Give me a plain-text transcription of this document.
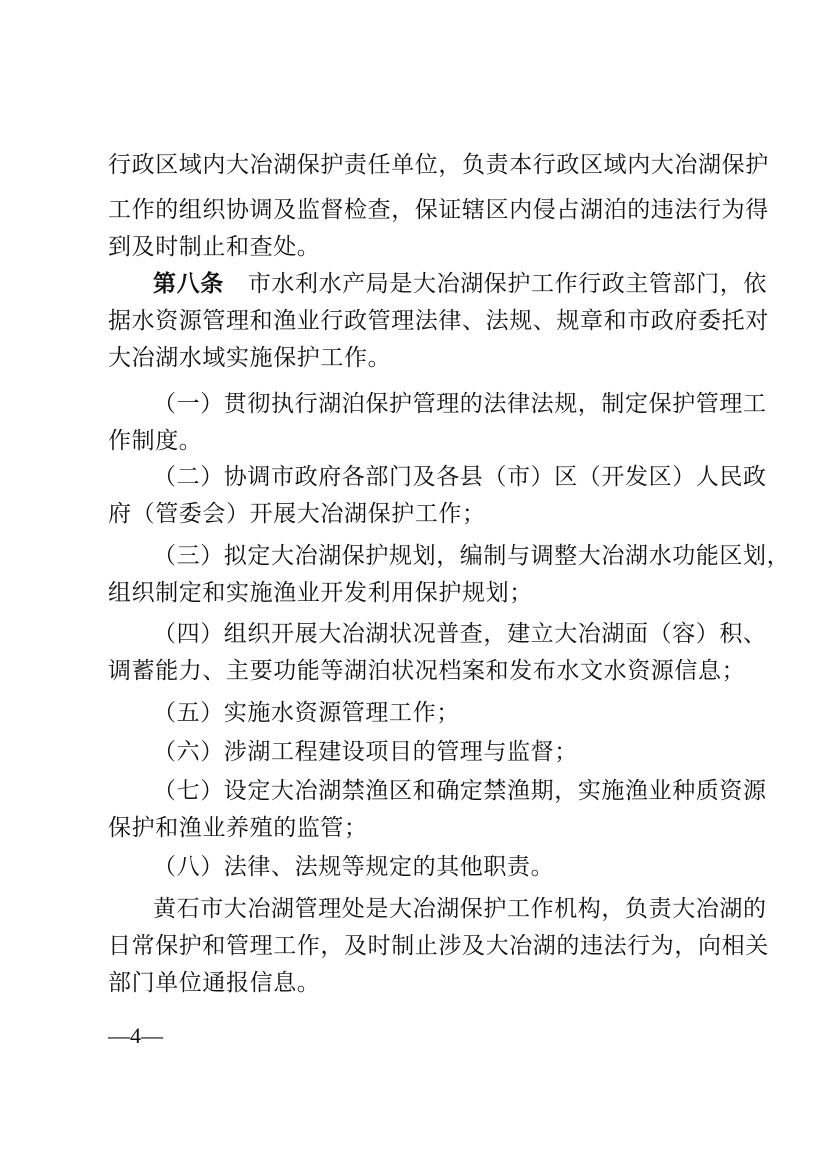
行政区域内大冶湖保护责任单位，负责本行政区域内大冶湖保护
工作的组织协调及监督检查，保证辖区内侵占湖泊的违法行为得
到及时制止和查处。
第八条 市水利水产局是大冶湖保护工作行政主管部门，依
据水资源管理和渔业行政管理法律、法规、规章和市政府委托对
大冶湖水域实施保护工作。
（一）贯彻执行湖泊保护管理的法律法规，制定保护管理工
作制度。
（二）协调市政府各部门及各县（市）区（开发区）人民政
府（管委会）开展大冶湖保护工作；
（三）拟定大冶湖保护规划，编制与调整大冶湖水功能区划，
组织制定和实施渔业开发利用保护规划；
（四）组织开展大冶湖状况普查，建立大冶湖面（容）积、
调蓄能力、主要功能等湖泊状况档案和发布水文水资源信息；
（五）实施水资源管理工作；
（六）涉湖工程建设项目的管理与监督；
（七）设定大冶湖禁渔区和确定禁渔期，实施渔业种质资源
保护和渔业养殖的监管；
（八）法律、法规等规定的其他职责。
黄石市大冶湖管理处是大冶湖保护工作机构，负责大冶湖的
日常保护和管理工作，及时制止涉及大冶湖的违法行为，向相关
部门单位通报信息。
—4—
